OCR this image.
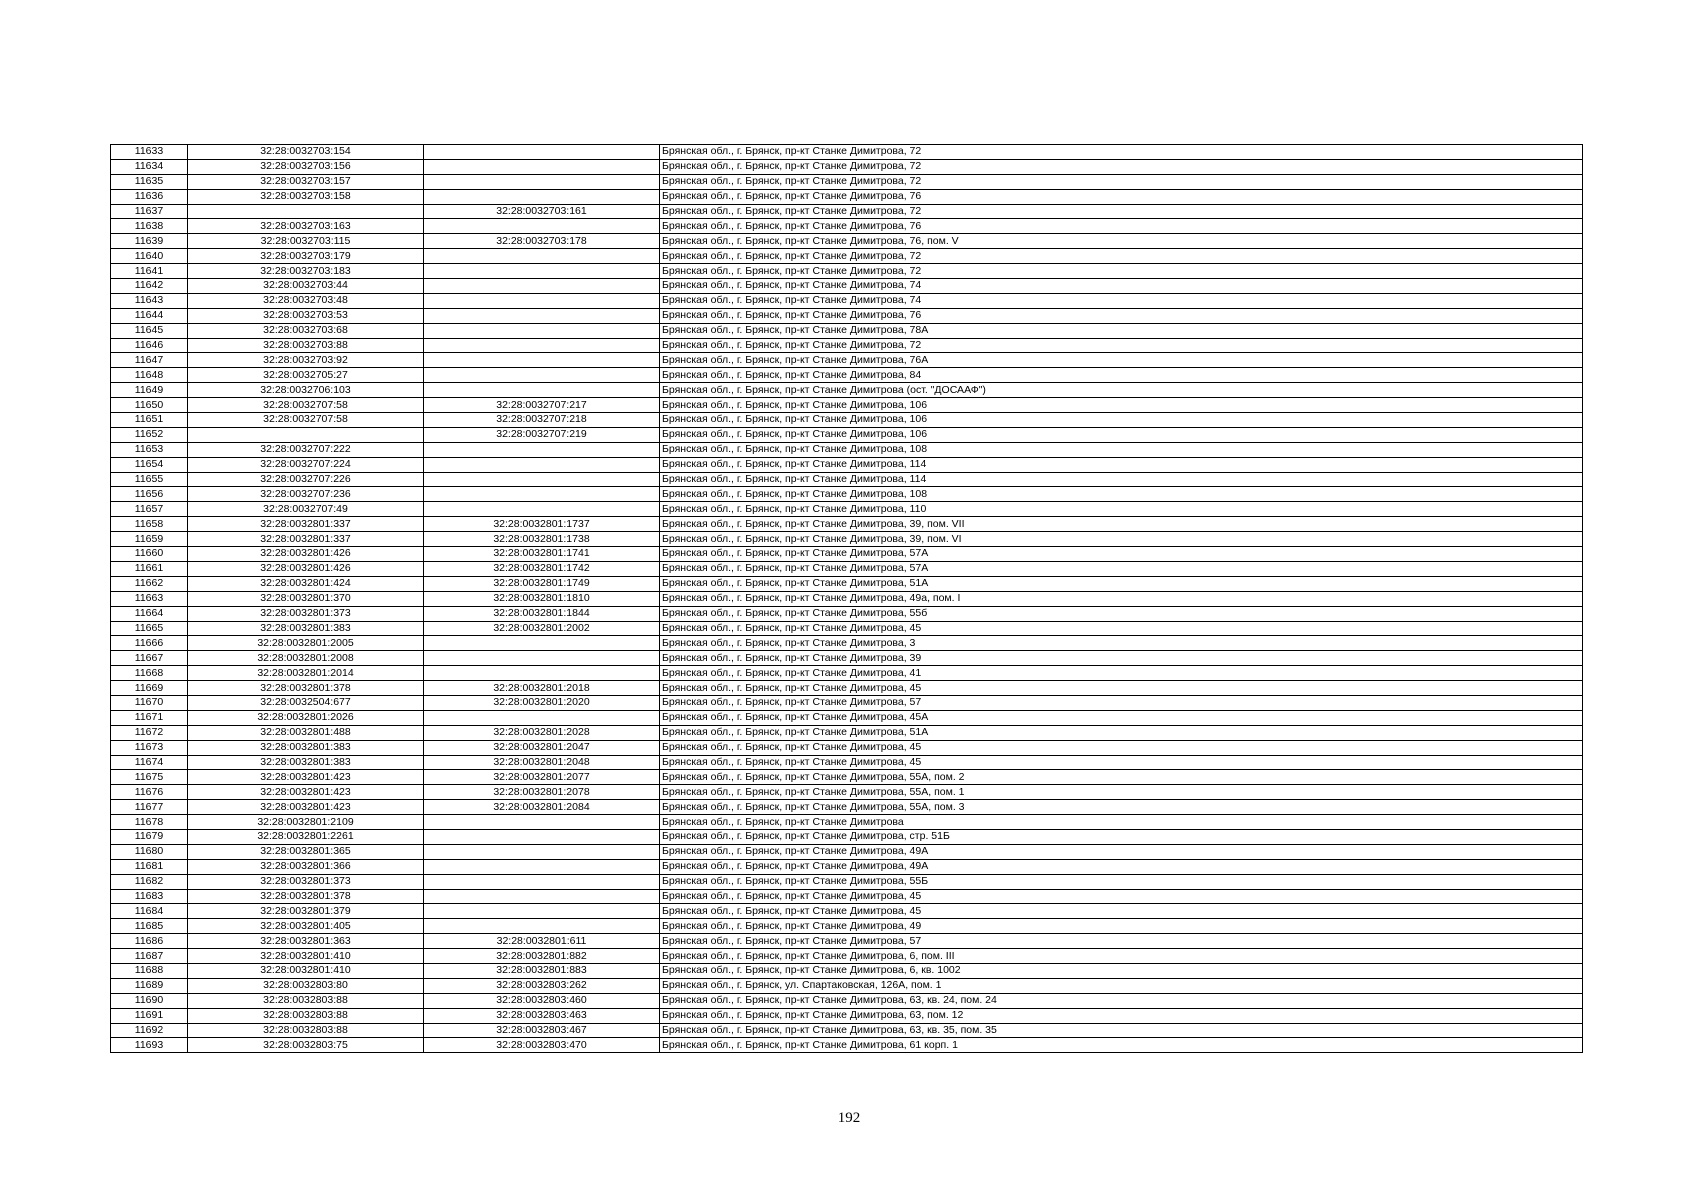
11633	32:28:0032703:154		Брянская обл., г. Брянск, пр-кт Станке Димитрова, 72
11634	32:28:0032703:156		Брянская обл., г. Брянск, пр-кт Станке Димитрова, 72
11635	32:28:0032703:157		Брянская обл., г. Брянск, пр-кт Станке Димитрова, 72
11636	32:28:0032703:158		Брянская обл., г. Брянск, пр-кт Станке Димитрова, 76
11637		32:28:0032703:161	Брянская обл., г. Брянск, пр-кт Станке Димитрова, 72
11638	32:28:0032703:163		Брянская обл., г. Брянск, пр-кт Станке Димитрова, 76
11639	32:28:0032703:115	32:28:0032703:178	Брянская обл., г. Брянск, пр-кт Станке Димитрова, 76, пом. V
11640	32:28:0032703:179		Брянская обл., г. Брянск, пр-кт Станке Димитрова, 72
11641	32:28:0032703:183		Брянская обл., г. Брянск, пр-кт Станке Димитрова, 72
11642	32:28:0032703:44		Брянская обл., г. Брянск, пр-кт Станке Димитрова, 74
11643	32:28:0032703:48		Брянская обл., г. Брянск, пр-кт Станке Димитрова, 74
11644	32:28:0032703:53		Брянская обл., г. Брянск, пр-кт Станке Димитрова, 76
11645	32:28:0032703:68		Брянская обл., г. Брянск, пр-кт Станке Димитрова, 78А
11646	32:28:0032703:88		Брянская обл., г. Брянск, пр-кт Станке Димитрова, 72
11647	32:28:0032703:92		Брянская обл., г. Брянск, пр-кт Станке Димитрова, 76А
11648	32:28:0032705:27		Брянская обл., г. Брянск, пр-кт Станке Димитрова, 84
11649	32:28:0032706:103		Брянская обл., г. Брянск, пр-кт Станке Димитрова (ост. "ДОСААФ")
11650	32:28:0032707:58	32:28:0032707:217	Брянская обл., г. Брянск, пр-кт Станке Димитрова, 106
11651	32:28:0032707:58	32:28:0032707:218	Брянская обл., г. Брянск, пр-кт Станке Димитрова, 106
11652		32:28:0032707:219	Брянская обл., г. Брянск, пр-кт Станке Димитрова, 106
11653	32:28:0032707:222		Брянская обл., г. Брянск, пр-кт Станке Димитрова, 108
11654	32:28:0032707:224		Брянская обл., г. Брянск, пр-кт Станке Димитрова, 114
11655	32:28:0032707:226		Брянская обл., г. Брянск, пр-кт Станке Димитрова, 114
11656	32:28:0032707:236		Брянская обл., г. Брянск, пр-кт Станке Димитрова, 108
11657	32:28:0032707:49		Брянская обл., г. Брянск, пр-кт Станке Димитрова, 110
11658	32:28:0032801:337	32:28:0032801:1737	Брянская обл., г. Брянск, пр-кт Станке Димитрова, 39, пом. VII
11659	32:28:0032801:337	32:28:0032801:1738	Брянская обл., г. Брянск, пр-кт Станке Димитрова, 39, пом. VI
11660	32:28:0032801:426	32:28:0032801:1741	Брянская обл., г. Брянск, пр-кт Станке Димитрова, 57А
11661	32:28:0032801:426	32:28:0032801:1742	Брянская обл., г. Брянск, пр-кт Станке Димитрова, 57А
11662	32:28:0032801:424	32:28:0032801:1749	Брянская обл., г. Брянск, пр-кт Станке Димитрова, 51А
11663	32:28:0032801:370	32:28:0032801:1810	Брянская обл., г. Брянск, пр-кт Станке Димитрова, 49а, пом. I
11664	32:28:0032801:373	32:28:0032801:1844	Брянская обл., г. Брянск, пр-кт Станке Димитрова, 55б
11665	32:28:0032801:383	32:28:0032801:2002	Брянская обл., г. Брянск, пр-кт Станке Димитрова, 45
11666	32:28:0032801:2005		Брянская обл., г. Брянск, пр-кт Станке Димитрова, 3
11667	32:28:0032801:2008		Брянская обл., г. Брянск, пр-кт Станке Димитрова, 39
11668	32:28:0032801:2014		Брянская обл., г. Брянск, пр-кт Станке Димитрова, 41
11669	32:28:0032801:378	32:28:0032801:2018	Брянская обл., г. Брянск, пр-кт Станке Димитрова, 45
11670	32:28:0032504:677	32:28:0032801:2020	Брянская обл., г. Брянск, пр-кт Станке Димитрова, 57
11671	32:28:0032801:2026		Брянская обл., г. Брянск, пр-кт Станке Димитрова, 45А
11672	32:28:0032801:488	32:28:0032801:2028	Брянская обл., г. Брянск, пр-кт Станке Димитрова, 51А
11673	32:28:0032801:383	32:28:0032801:2047	Брянская обл., г. Брянск, пр-кт Станке Димитрова, 45
11674	32:28:0032801:383	32:28:0032801:2048	Брянская обл., г. Брянск, пр-кт Станке Димитрова, 45
11675	32:28:0032801:423	32:28:0032801:2077	Брянская обл., г. Брянск, пр-кт Станке Димитрова, 55А, пом. 2
11676	32:28:0032801:423	32:28:0032801:2078	Брянская обл., г. Брянск, пр-кт Станке Димитрова, 55А, пом. 1
11677	32:28:0032801:423	32:28:0032801:2084	Брянская обл., г. Брянск, пр-кт Станке Димитрова, 55А, пом. 3
11678	32:28:0032801:2109		Брянская обл., г. Брянск, пр-кт Станке Димитрова
11679	32:28:0032801:2261		Брянская обл., г. Брянск, пр-кт Станке Димитрова, стр. 51Б
11680	32:28:0032801:365		Брянская обл., г. Брянск, пр-кт Станке Димитрова, 49А
11681	32:28:0032801:366		Брянская обл., г. Брянск, пр-кт Станке Димитрова, 49А
11682	32:28:0032801:373		Брянская обл., г. Брянск, пр-кт Станке Димитрова, 55Б
11683	32:28:0032801:378		Брянская обл., г. Брянск, пр-кт Станке Димитрова, 45
11684	32:28:0032801:379		Брянская обл., г. Брянск, пр-кт Станке Димитрова, 45
11685	32:28:0032801:405		Брянская обл., г. Брянск, пр-кт Станке Димитрова, 49
11686	32:28:0032801:363	32:28:0032801:611	Брянская обл., г. Брянск, пр-кт Станке Димитрова, 57
11687	32:28:0032801:410	32:28:0032801:882	Брянская обл., г. Брянск, пр-кт Станке Димитрова, 6, пом. III
11688	32:28:0032801:410	32:28:0032801:883	Брянская обл., г. Брянск, пр-кт Станке Димитрова, 6, кв. 1002
11689	32:28:0032803:80	32:28:0032803:262	Брянская обл., г. Брянск, ул. Спартаковская, 126А, пом. 1
11690	32:28:0032803:88	32:28:0032803:460	Брянская обл., г. Брянск, пр-кт Станке Димитрова, 63, кв. 24, пом. 24
11691	32:28:0032803:88	32:28:0032803:463	Брянская обл., г. Брянск, пр-кт Станке Димитрова, 63, пом. 12
11692	32:28:0032803:88	32:28:0032803:467	Брянская обл., г. Брянск, пр-кт Станке Димитрова, 63, кв. 35, пом. 35
11693	32:28:0032803:75	32:28:0032803:470	Брянская обл., г. Брянск, пр-кт Станке Димитрова, 61 корп. 1
192
